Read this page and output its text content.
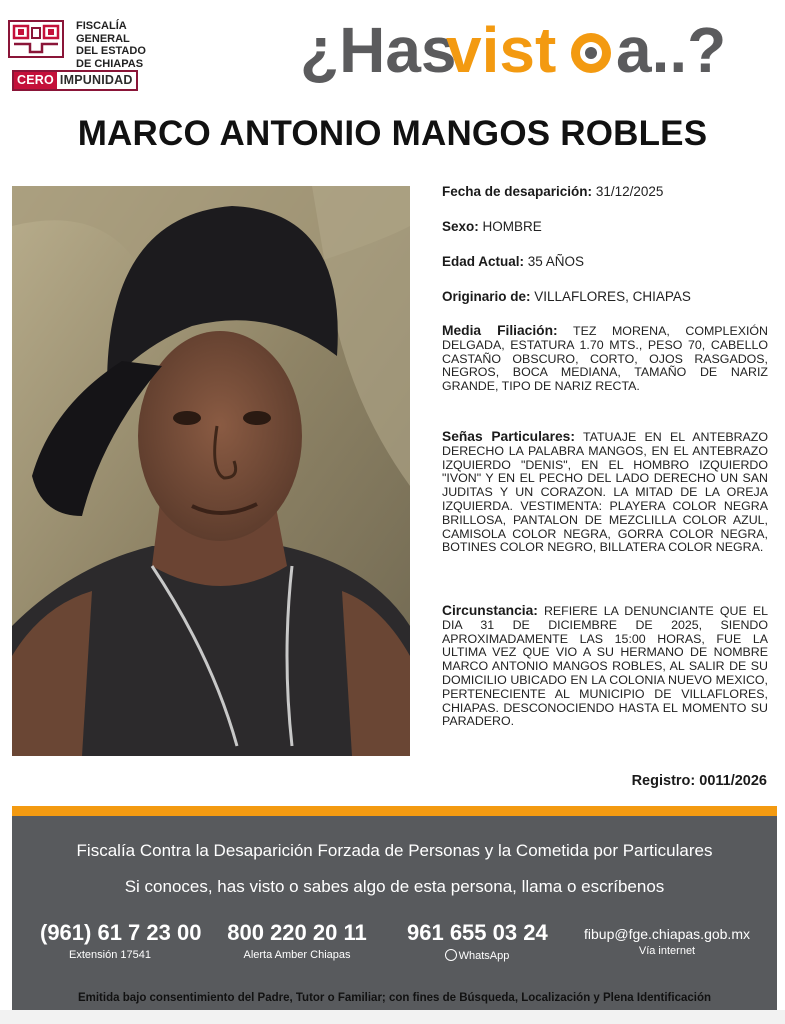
FISCALÍA GENERAL
DEL ESTADO
DE CHIAPAS
CERO IMPUNIDAD	¿Has
vist a..?
MARCO ANTONIO MANGOS ROBLES
Fecha de desaparición: 31/12/2025
Sexo: HOMBRE
Edad Actual: 35 AÑOS
Originario de: VILLAFLORES, CHIAPAS
Media Filiación: TEZ MORENA, COMPLEXIÓN DELGADA, ESTATURA 1.70 MTS., PESO 70, CABELLO CASTAÑO OBSCURO, CORTO, OJOS RASGADOS, NEGROS, BOCA MEDIANA, TAMAÑO DE NARIZ GRANDE, TIPO DE NARIZ RECTA.
Señas Particulares: TATUAJE EN EL ANTEBRAZO DERECHO LA PALABRA MANGOS, EN EL ANTEBRAZO IZQUIERDO "DENIS", EN EL HOMBRO IZQUIERDO "IVON" Y EN EL PECHO DEL LADO DERECHO UN SAN JUDITAS Y UN CORAZON. LA MITAD DE LA OREJA IZQUIERDA. VESTIMENTA: PLAYERA COLOR NEGRA BRILLOSA, PANTALON DE MEZCLILLA COLOR AZUL, CAMISOLA COLOR NEGRA, GORRA COLOR NEGRA, BOTINES COLOR NEGRO, BILLATERA COLOR NEGRA.
Circunstancia: REFIERE LA DENUNCIANTE QUE EL DIA 31 DE DICIEMBRE DE 2025, SIENDO APROXIMADAMENTE LAS 15:00 HORAS, FUE LA ULTIMA VEZ QUE VIO A SU HERMANO DE NOMBRE MARCO ANTONIO MANGOS ROBLES, AL SALIR DE SU DOMICILIO UBICADO EN LA COLONIA NUEVO MEXICO, PERTENECIENTE AL MUNICIPIO DE VILLAFLORES, CHIAPAS. DESCONOCIENDO HASTA EL MOMENTO SU PARADERO.
Registro: 0011/2026
Fiscalía Contra la Desaparición Forzada de Personas y la Cometida por Particulares
Si conoces, has visto o sabes algo de esta persona, llama o escríbenos
(961) 61 7 23 00
Extensión 17541
800 220 20 11
Alerta Amber Chiapas
961 655 03 24
WhatsApp
fibup@fge.chiapas.gob.mx
Vía internet
Emitida bajo consentimiento del Padre, Tutor o Familiar; con fines de Búsqueda, Localización y Plena Identificación
